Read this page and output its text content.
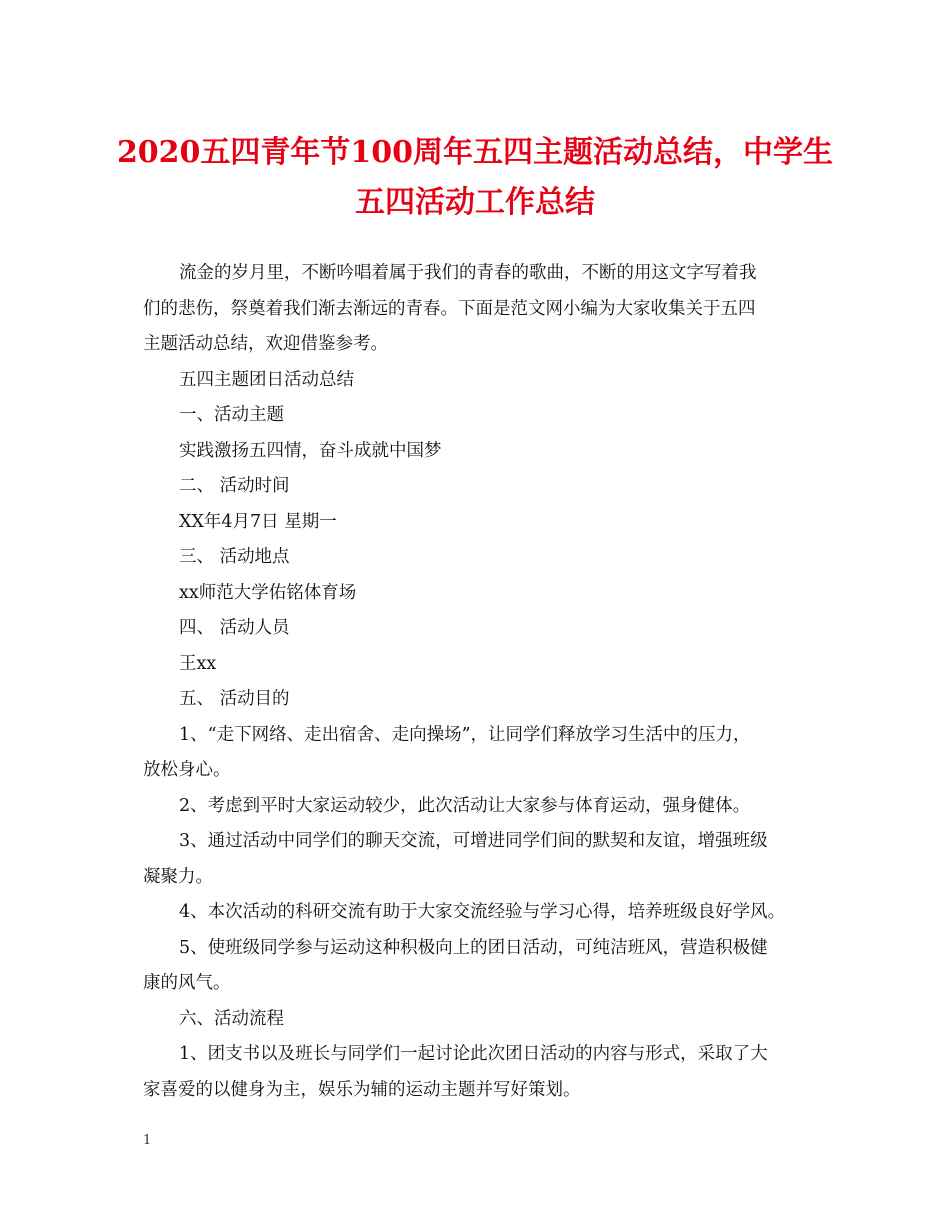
2020五四青年节100周年五四主题活动总结，中学生
五四活动工作总结
流金的岁月里，不断吟唱着属于我们的青春的歌曲，不断的用这文字写着我
们的悲伤，祭奠着我们渐去渐远的青春。下面是范文网小编为大家收集关于五四
主题活动总结，欢迎借鉴参考。
五四主题团日活动总结
一、活动主题
实践激扬五四情，奋斗成就中国梦
二、 活动时间
XX年4月7日 星期一
三、 活动地点
xx师范大学佑铭体育场
四、 活动人员
王xx
五、 活动目的
1、“走下网络、走出宿舍、走向操场”，让同学们释放学习生活中的压力，
放松身心。
2、考虑到平时大家运动较少，此次活动让大家参与体育运动，强身健体。
3、通过活动中同学们的聊天交流，可增进同学们间的默契和友谊，增强班级
凝聚力。
4、本次活动的科研交流有助于大家交流经验与学习心得，培养班级良好学风。
5、使班级同学参与运动这种积极向上的团日活动，可纯洁班风，营造积极健
康的风气。
六、活动流程
1、团支书以及班长与同学们一起讨论此次团日活动的内容与形式，采取了大
家喜爱的以健身为主，娱乐为辅的运动主题并写好策划。
1
